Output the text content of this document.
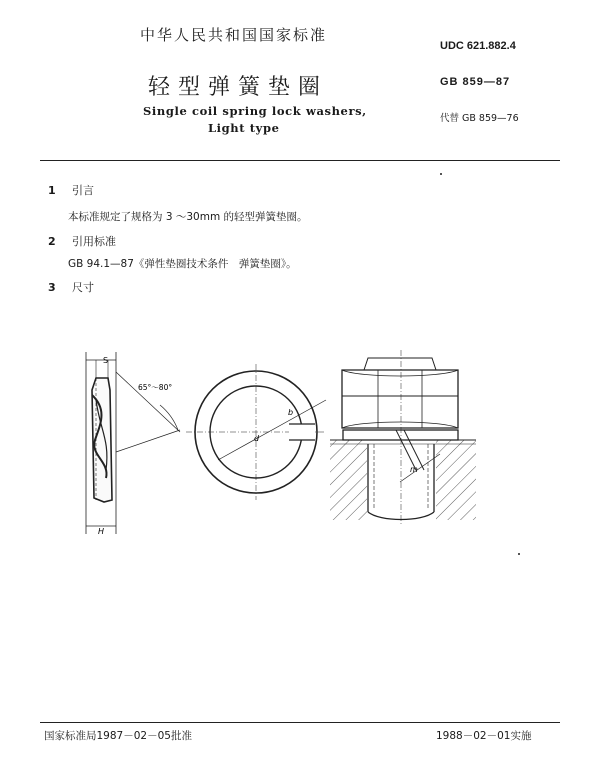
中华人民共和国国家标准
UDC 621.882.4
轻型弹簧垫圈	GB 859—87
Single coil spring lock washers,
Light type
代替 GB 859—76
1 引言
本标准规定了规格为 3 ～30mm 的轻型弹簧垫圈。
2 引用标准
GB 94.1—87《弹性垫圈技术条件　弹簧垫圈》。
3 尺寸
S
65°～80°
H
d
b
m
国家标准局1987－02－05批准	1988－02－01实施
